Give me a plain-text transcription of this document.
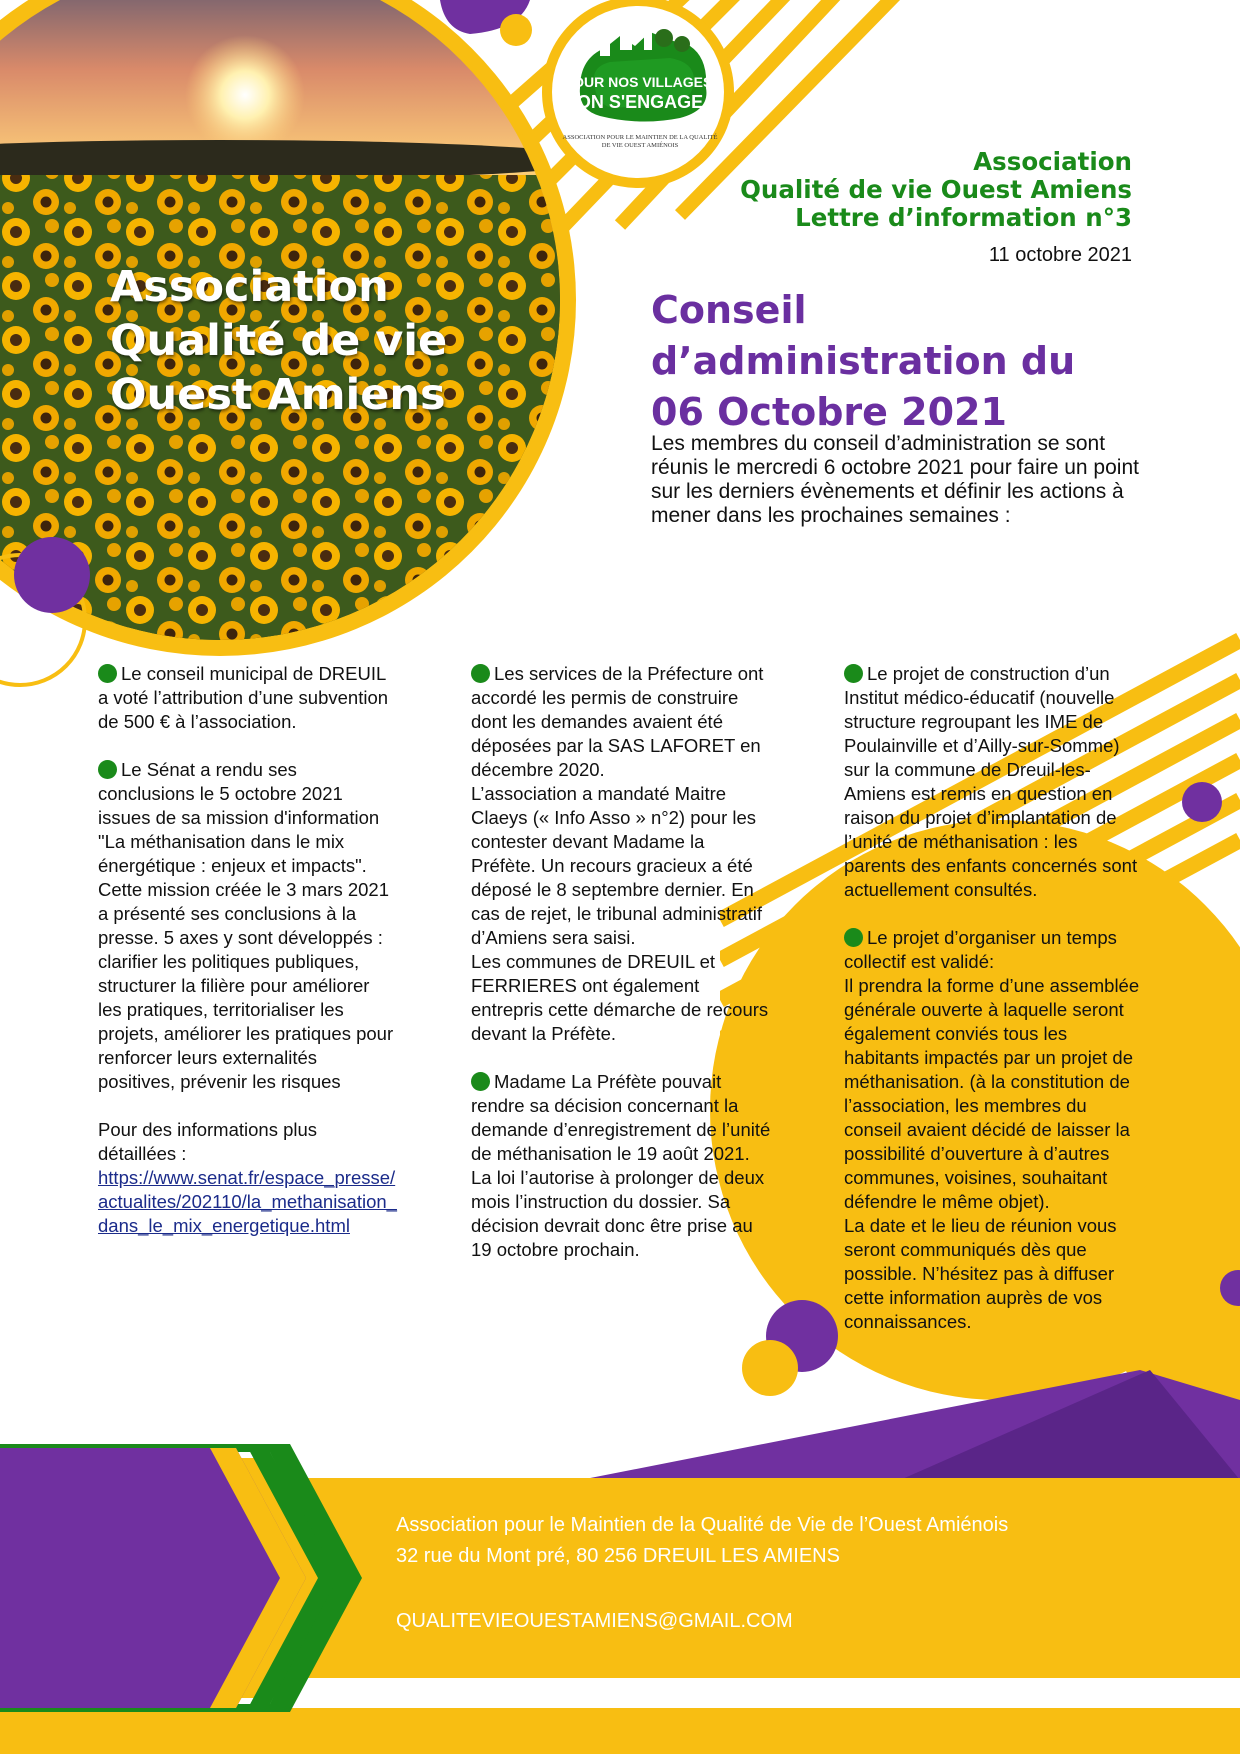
POUR NOS VILLAGES,
ON S'ENGAGE
ASSOCIATION POUR LE MAINTIEN DE LA QUALITÉ DE VIE OUEST AMIÉNOIS
Association
Qualité de vie
Ouest Amiens
Association
Qualité de vie Ouest Amiens
Lettre d’information n°3
11 octobre 2021
Conseil
d’administration du
06 Octobre 2021
Les membres du conseil d’administration se sont réunis le mercredi 6 octobre 2021 pour faire un point sur les derniers évènements et définir les actions à mener dans les prochaines semaines :

Le conseil municipal de DREUIL a voté l’attribution d’une subvention de 500 € à l’association.

Le Sénat a rendu ses conclusions le 5 octobre 2021 issues de sa mission d'information "La méthanisation dans le mix énergétique : enjeux et impacts".

Cette mission créée le 3 mars 2021 a présenté ses conclusions à la presse. 5 axes y sont développés : clarifier les politiques publiques, structurer la filière pour améliorer les pratiques, territorialiser les projets, améliorer les pratiques pour renforcer leurs externalités positives, prévenir les risques

Pour des informations plus détaillées :

https://www.senat.fr/espace_presse/actualites/202110/la_methanisation_dans_le_mix_energetique.html

Les services de la Préfecture ont accordé les permis de construire dont les demandes avaient été déposées par la SAS LAFORET en décembre 2020.

L’association a mandaté Maitre Claeys (« Info Asso » n°2) pour les contester devant Madame la Préfète. Un recours gracieux a été déposé le 8 septembre dernier. En cas de rejet, le tribunal administratif d’Amiens sera saisi.

Les communes de DREUIL et FERRIERES ont également entrepris cette démarche de recours devant la Préfète.

Madame La Préfète pouvait rendre sa décision concernant la demande d’enregistrement de l’unité de méthanisation le 19 août 2021. La loi l’autorise à prolonger de deux mois l’instruction du dossier. Sa décision devrait donc être prise au 19 octobre prochain.

Le projet de construction d’un Institut médico-éducatif (nouvelle structure regroupant les IME de Poulainville et d’Ailly-sur-Somme) sur la commune de Dreuil-les-Amiens est remis en question en raison du projet d’implantation de l’unité de méthanisation : les parents des enfants concernés sont actuellement consultés.

Le projet d’organiser un temps collectif est validé:

Il prendra la forme d’une assemblée générale ouverte à laquelle seront également conviés tous les habitants impactés par un projet de méthanisation. (à la constitution de l’association, les membres du conseil avaient décidé de laisser la possibilité d’ouverture à d’autres communes, voisines, souhaitant défendre le même objet).

La date et le lieu de réunion vous seront communiqués dès que possible. N’hésitez pas à diffuser cette information auprès de vos connaissances.

Association pour le Maintien de la Qualité de Vie de l’Ouest Amiénois
32 rue du Mont pré, 80 256 DREUIL LES AMIENS
QUALITEVIEOUESTAMIENS@GMAIL.COM
